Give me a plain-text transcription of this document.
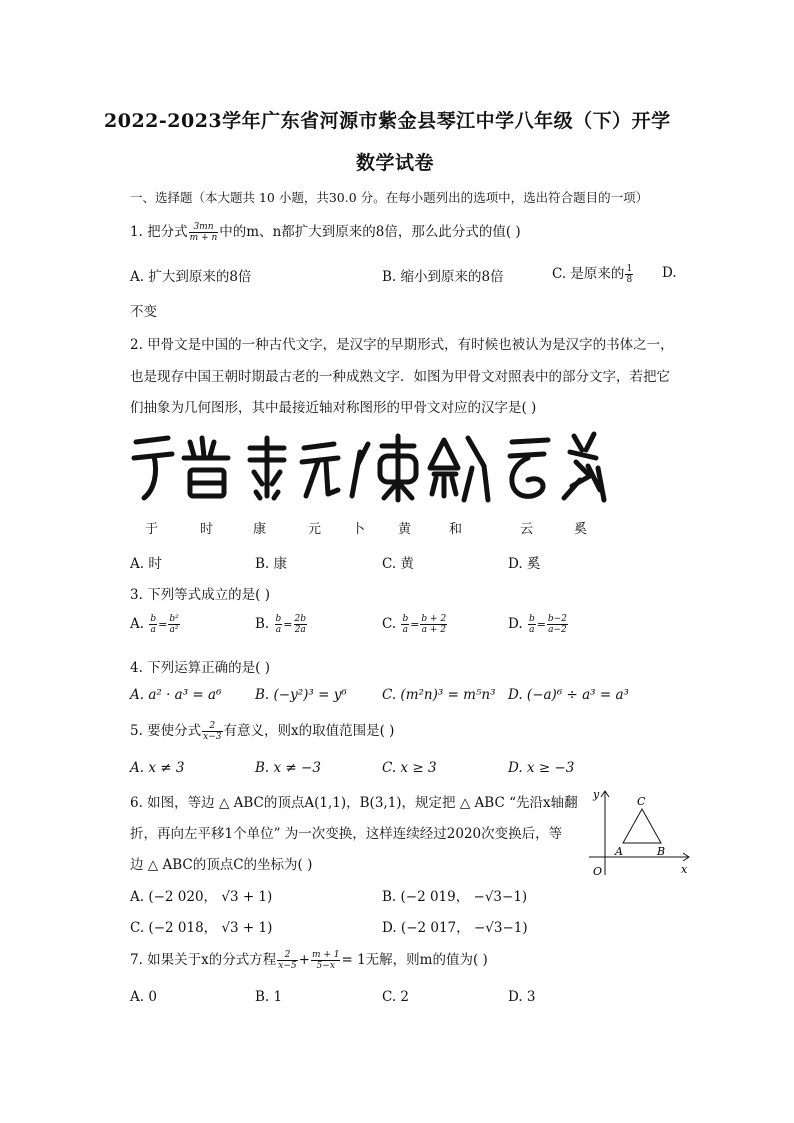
2022-2023学年广东省河源市紫金县琴江中学八年级（下）开学
数学试卷
一、选择题（本大题共 10 小题，共30.0 分。在每小题列出的选项中，选出符合题目的一项）
1. 把分式 $\frac{3mn}{m + n}$ 中的m、n都扩大到原来的8倍，那么此分式的值( )
A. 扩大到原来的8倍	B. 缩小到原来的8倍	C. 是原来的 $\frac{1}{8} D$.
不变
2. 甲骨文是中国的一种古代文字，是汉字的早期形式，有时候也被认为是汉字的书体之一，
也是现存中国王朝时期最古老的一种成熟文字．如图为甲骨文对照表中的部分文字，若把它
们抽象为几何图形，其中最接近轴对称图形的甲骨文对应的汉字是( )
于	时	康	元 卜	黄	和	云	奚
A. 时	B. 康	C. 黄	D. 奚
3. 下列等式成立的是( )
A. $\frac{b}{a} = \frac{\text{b²}}{\text{a²}}$	B. $\frac{b}{a} = \frac{2b}{2a}$	C. $\frac{b}{a} = \frac{b + 2}{a + 2}$	D. $\frac{b}{a} = \frac{b-2}{a-2}$
4. 下列运算正确的是( )
A. a² · a³ = a⁶ B. (−y²)³ = y⁶	C. (m²n)³ = m⁵n³ D. (−a)⁶ ÷ a³ = a³
5. 要使分式 $\frac{2}{x-3}$ 有意义，则x的取值范围是( )
A. x ≠ 3	B. x ≠ −3	C. x ≥ 3	D. x ≥ −3
6. 如图，等边 △ ABC的顶点A(1,1)，B(3,1)，规定把 △ ABC “先沿x轴翻
折，再向左平移1个单位” 为一次变换，这样连续经过2020次变换后，等
边 △ ABC的顶点C的坐标为( )
A. (−2 020， √3 + 1)	B. (−2 019， −√3−1)
C. (−2 018， √3 + 1)	D. (−2 017， −√3−1)
y
x
O
A	B
C
7. 如果关于x的分式方程 $\frac{2}{x-5} + \frac{m + 1}{5-x} = 1$无解，则m的值为( )
A. 0	B. 1	C. 2	D. 3
